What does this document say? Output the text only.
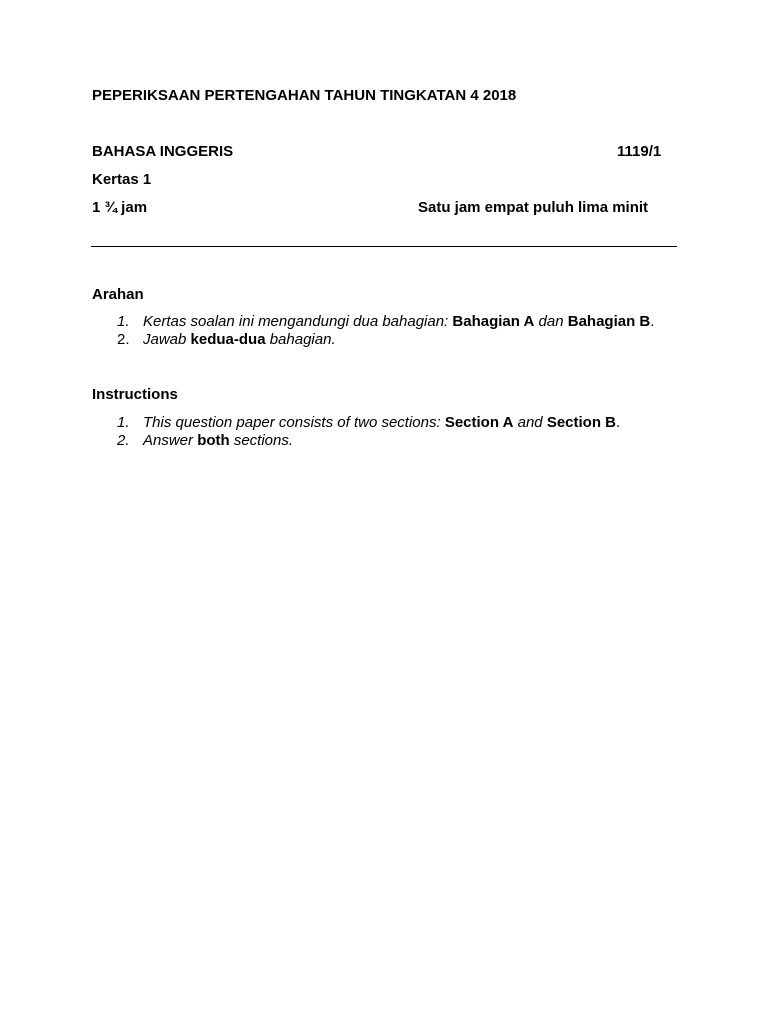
PEPERIKSAAN PERTENGAHAN TAHUN TINGKATAN 4 2018
BAHASA INGGERIS	1119/1
Kertas 1
1 ¾ jam	Satu jam empat puluh lima minit
Arahan
1. Kertas soalan ini mengandungi dua bahagian: Bahagian A dan Bahagian B.
2. Jawab kedua-dua bahagian.
Instructions
1. This question paper consists of two sections: Section A and Section B.
2. Answer both sections.
